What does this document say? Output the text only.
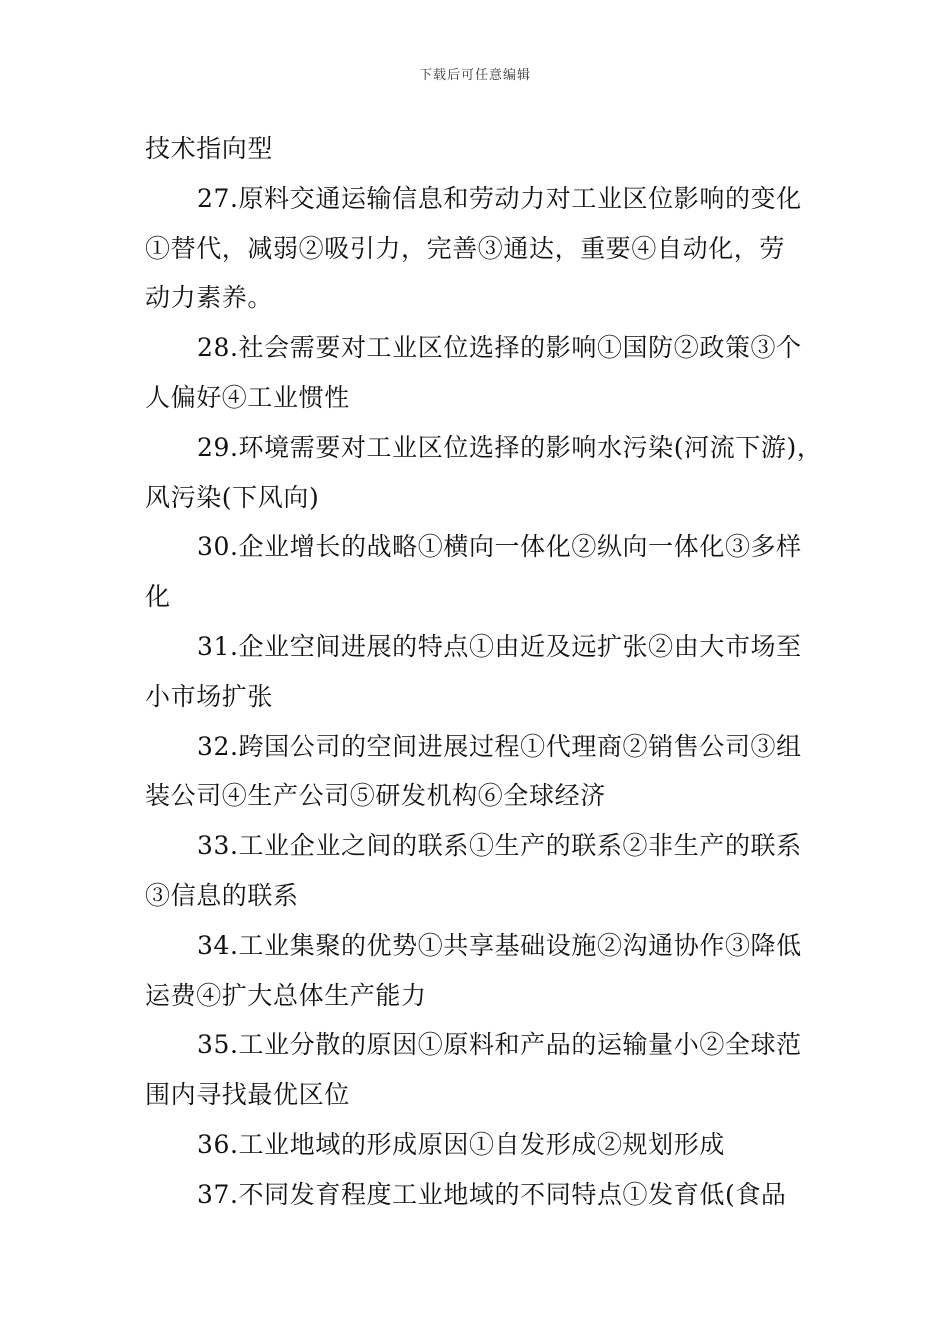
下载后可任意编辑
技术指向型
27.原料交通运输信息和劳动力对工业区位影响的变化
①替代，减弱②吸引力，完善③通达，重要④自动化，劳
动力素养。
28.社会需要对工业区位选择的影响①国防②政策③个
人偏好④工业惯性
29.环境需要对工业区位选择的影响水污染(河流下游)，
风污染(下风向)
30.企业增长的战略①横向一体化②纵向一体化③多样
化
31.企业空间进展的特点①由近及远扩张②由大市场至
小市场扩张
32.跨国公司的空间进展过程①代理商②销售公司③组
装公司④生产公司⑤研发机构⑥全球经济
33.工业企业之间的联系①生产的联系②非生产的联系
③信息的联系
34.工业集聚的优势①共享基础设施②沟通协作③降低
运费④扩大总体生产能力
35.工业分散的原因①原料和产品的运输量小②全球范
围内寻找最优区位
36.工业地域的形成原因①自发形成②规划形成
37.不同发育程度工业地域的不同特点①发育低(食品
